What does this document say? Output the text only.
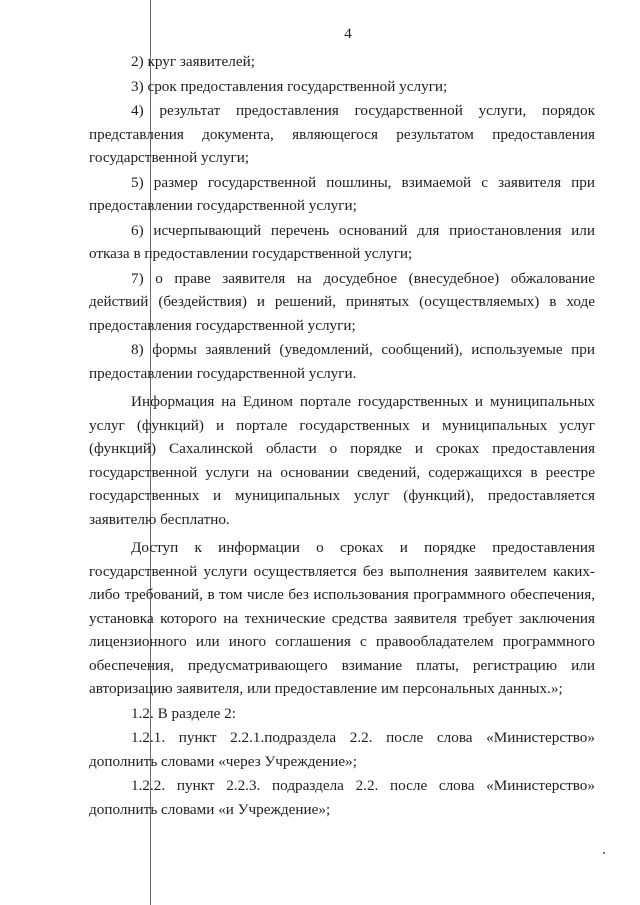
4

2) круг заявителей;

3) срок предоставления государственной услуги;

4) результат предоставления государственной услуги, порядок представления документа, являющегося результатом предоставления государственной услуги;

5) размер государственной пошлины, взимаемой с заявителя при предоставлении государственной услуги;

6) исчерпывающий перечень оснований для приостановления или отказа в предоставлении государственной услуги;

7) о праве заявителя на досудебное (внесудебное) обжалование действий (бездействия) и решений, принятых (осуществляемых) в ходе предоставления государственной услуги;

8) формы заявлений (уведомлений, сообщений), используемые при предоставлении государственной услуги.

Информация на Едином портале государственных и муниципальных услуг (функций) и портале государственных и муниципальных услуг (функций) Сахалинской области о порядке и сроках предоставления государственной услуги на основании сведений, содержащихся в реестре государственных и муниципальных услуг (функций), предоставляется заявителю бесплатно.

Доступ к информации о сроках и порядке предоставления государственной услуги осуществляется без выполнения заявителем каких-либо требований, в том числе без использования программного обеспечения, установка которого на технические средства заявителя требует заключения лицензионного или иного соглашения с правообладателем программного обеспечения, предусматривающего взимание платы, регистрацию или авторизацию заявителя, или предоставление им персональных данных.»;

1.2. В разделе 2:

1.2.1. пункт 2.2.1.подраздела 2.2. после слова «Министерство» дополнить словами «через Учреждение»;

1.2.2. пункт 2.2.3. подраздела 2.2. после слова «Министерство» дополнить словами «и Учреждение»;
